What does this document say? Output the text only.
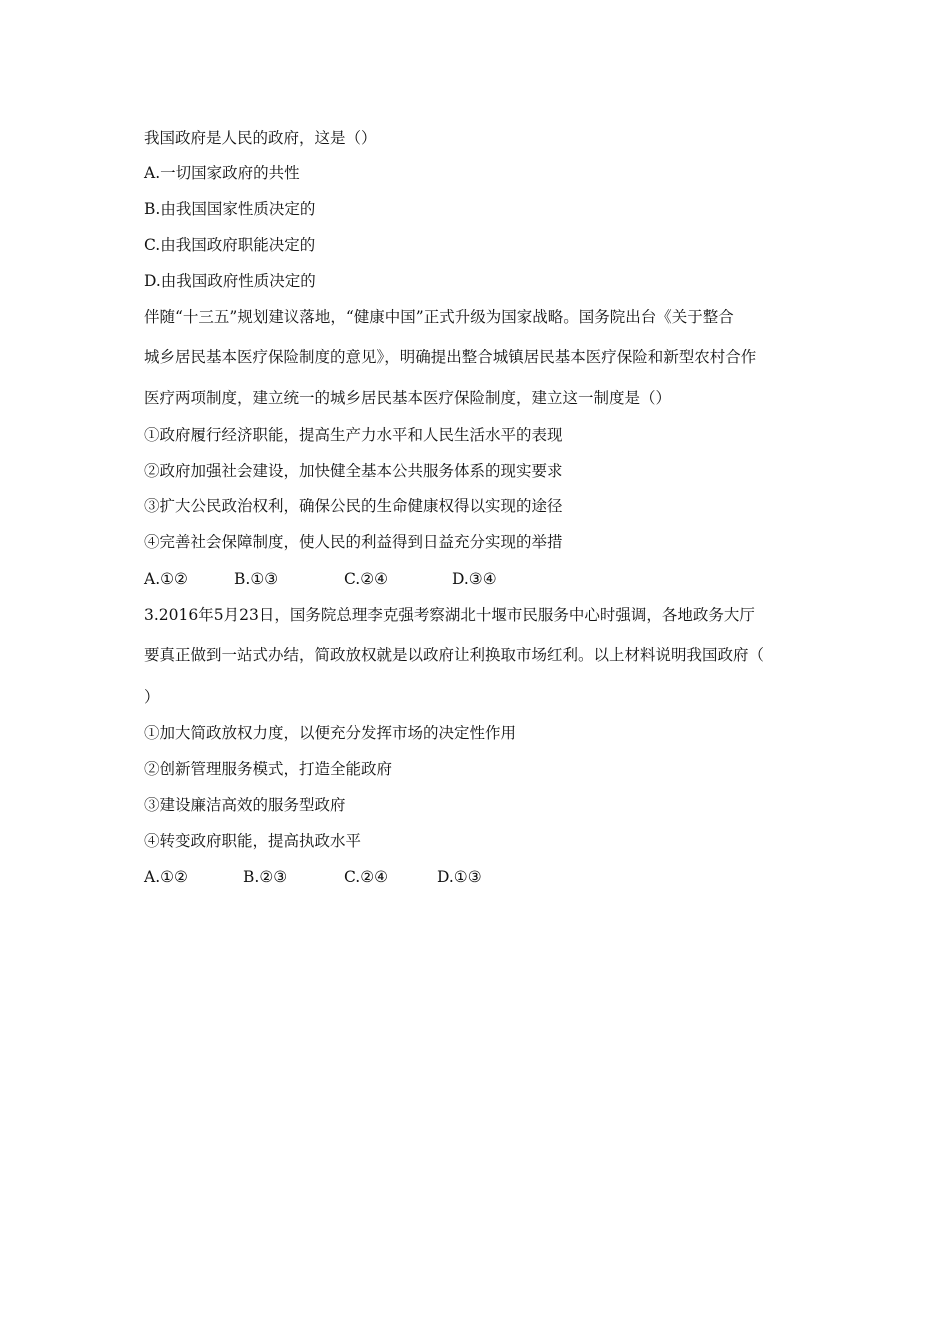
我国政府是人民的政府，这是（）
A.一切国家政府的共性
B.由我国国家性质决定的
C.由我国政府职能决定的
D.由我国政府性质决定的
伴随“十三五”规划建议落地，“健康中国”正式升级为国家战略。国务院出台《关于整合
城乡居民基本医疗保险制度的意见》，明确提出整合城镇居民基本医疗保险和新型农村合作
医疗两项制度，建立统一的城乡居民基本医疗保险制度，建立这一制度是（）
①政府履行经济职能，提高生产力水平和人民生活水平的表现
②政府加强社会建设，加快健全基本公共服务体系的现实要求
③扩大公民政治权利，确保公民的生命健康权得以实现的途径
④完善社会保障制度，使人民的利益得到日益充分实现的举措
A.①②	B.①③	C.②④	D.③④
3.2016年5月23日，国务院总理李克强考察湖北十堰市民服务中心时强调，各地政务大厅
要真正做到一站式办结，简政放权就是以政府让利换取市场红利。以上材料说明我国政府（
）
①加大简政放权力度，以便充分发挥市场的决定性作用
②创新管理服务模式，打造全能政府
③建设廉洁高效的服务型政府
④转变政府职能，提高执政水平
A.①②	B.②③	C.②④	D.①③
